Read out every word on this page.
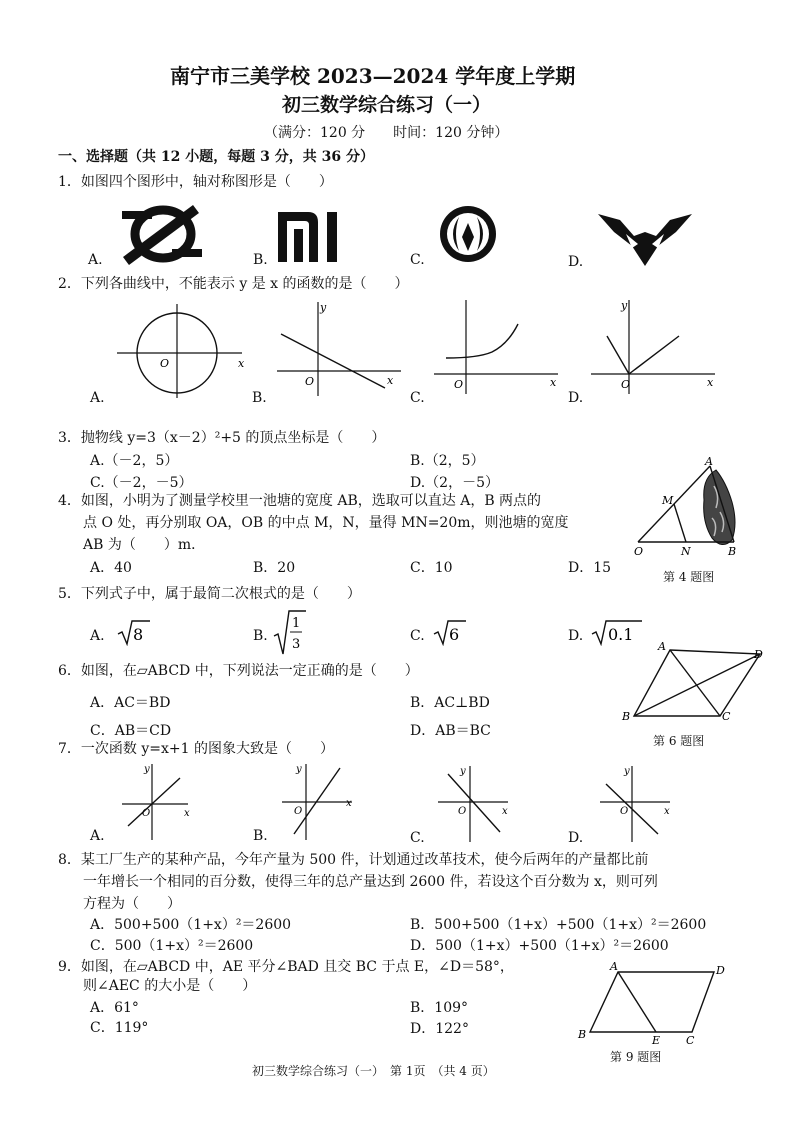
南宁市三美学校 2023—2024 学年度上学期
初三数学综合练习（一）
（满分：120 分　　时间：120 分钟）
一、选择题（共 12 小题，每题 3 分，共 36 分）
1．如图四个图形中，轴对称图形是（　　）
A.	B.	C.	D.
2．下列各曲线中，不能表示 y 是 x 的函数的是（　　）
A.	B.	C.	D.
O	x
y
O	x	O	x
y
O	x
3．抛物线 y=3（x－2）²+5 的顶点坐标是（　　）
A.（－2，5）	B.（2，5）
C.（－2，－5）	D.（2，－5）
4．如图，小明为了测量学校里一池塘的宽度 AB，选取可以直达 A，B 两点的
点 O 处，再分别取 OA，OB 的中点 M，N，量得 MN=20m，则池塘的宽度
AB 为（　　）m．
A．40	B．20	C．10	D．15
A
M
O	N	B
第 4 题图
5．下列式子中，属于最简二次根式的是（　　）
A.	B.	C.	D.
8
1
3
6	0.1
6．如图，在▱ABCD 中，下列说法一定正确的是（　　）
A．AC＝BD	B．AC⊥BD
C．AB＝CD	D．AB＝BC
A
D
B	C
第 6 题图
7．一次函数 y=x+1 的图象大致是（　　）
A.	B.	C.	D.
y
O	x
y
O
x
y
O	x
y
O	x
8．某工厂生产的某种产品，今年产量为 500 件，计划通过改革技术，使今后两年的产量都比前
一年增长一个相同的百分数，使得三年的总产量达到 2600 件，若设这个百分数为 x，则可列
方程为（　　）
A．500+500（1+x）²＝2600	B．500+500（1+x）+500（1+x）²＝2600
C．500（1+x）²＝2600	D．500（1+x）+500（1+x）²＝2600
9．如图，在▱ABCD 中，AE 平分∠BAD 且交 BC 于点 E，∠D＝58°，
则∠AEC 的大小是（　　）
A．61°	B．109°
C．119°	D．122°
A	D
B	E C
第 9 题图
初三数学综合练习（一）　第 1页　（共 4 页）
